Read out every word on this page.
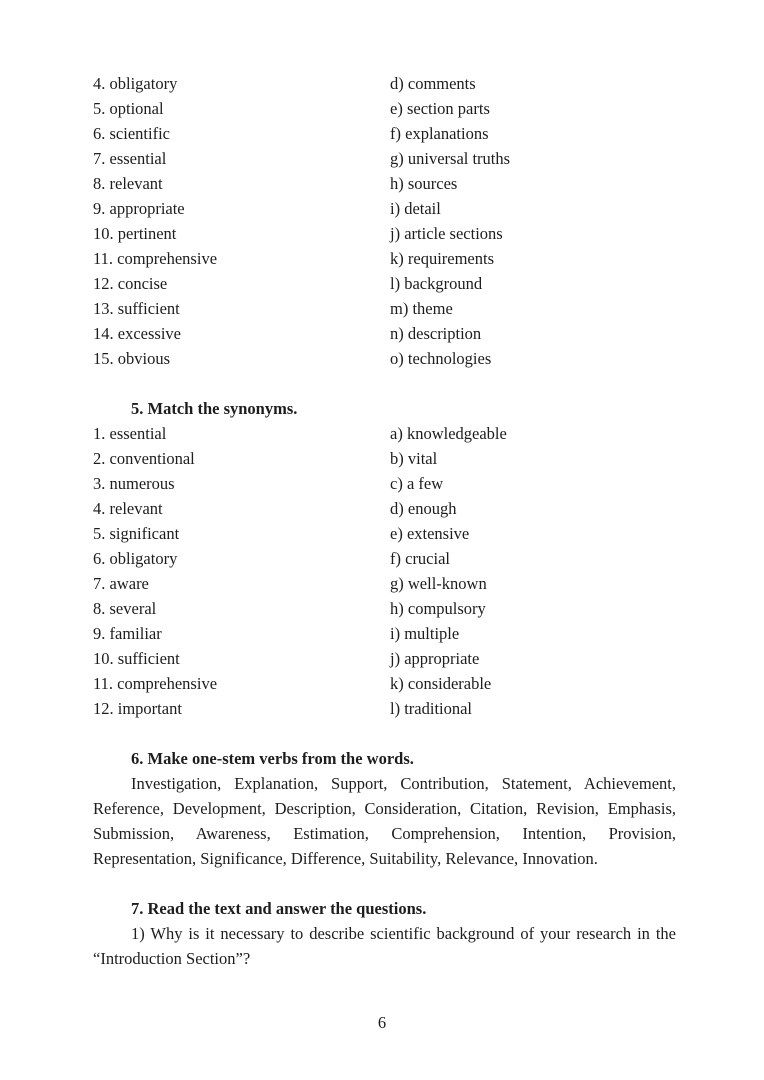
4. obligatory	d) comments
5. optional	e) section parts
6. scientific	f) explanations
7. essential	g) universal truths
8. relevant	h) sources
9. appropriate	i) detail
10. pertinent	j) article sections
11. comprehensive	k) requirements
12. concise	l) background
13. sufficient	m) theme
14. excessive	n) description
15. obvious	o) technologies

5. Match the synonyms.

1. essential	a) knowledgeable
2. conventional	b) vital
3. numerous	c) a few
4. relevant	d) enough
5. significant	e) extensive
6. obligatory	f) crucial
7. aware	g) well-known
8. several	h) compulsory
9. familiar	i) multiple
10. sufficient	j) appropriate
11. comprehensive	k) considerable
12. important	l) traditional

6. Make one-stem verbs from the words.

Investigation, Explanation, Support, Contribution, Statement, Achievement, Reference, Development, Description, Consideration, Citation, Revision, Emphasis, Submission, Awareness, Estimation, Comprehension, Intention, Provision, Representation, Significance, Difference, Suitability, Relevance, Innovation.

7. Read the text and answer the questions.

1) Why is it necessary to describe scientific background of your research in the “Introduction Section”?

6
